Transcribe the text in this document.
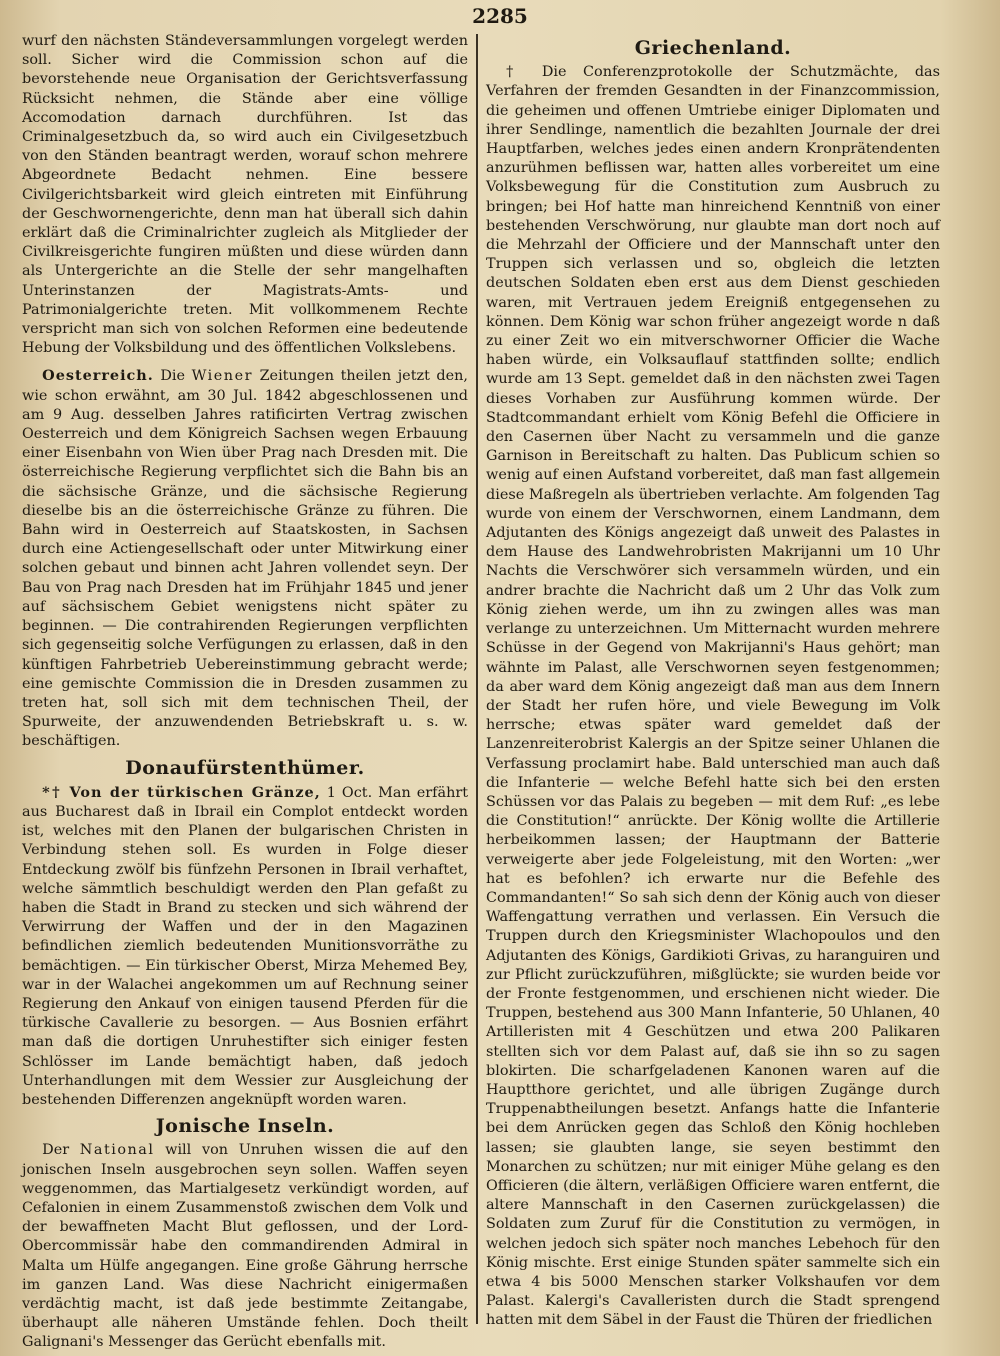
2285

wurf den nächsten Ständeversammlungen vorgelegt werden soll. Sicher wird die Commission schon auf die bevorstehende neue Organisation der Gerichtsverfassung Rücksicht nehmen, die Stände aber eine völlige Accomodation darnach durchführen. Ist das Criminalgesetzbuch da, so wird auch ein Civilgesetzbuch von den Ständen beantragt werden, worauf schon mehrere Abgeordnete Bedacht nehmen. Eine bessere Civilgerichtsbarkeit wird gleich eintreten mit Einführung der Geschwornengerichte, denn man hat überall sich dahin erklärt daß die Criminalrichter zugleich als Mitglieder der Civilkreisgerichte fungiren müßten und diese würden dann als Untergerichte an die Stelle der sehr mangelhaften Unterinstanzen der Magistrats-Amts- und Patrimonialgerichte treten. Mit vollkommenem Rechte verspricht man sich von solchen Reformen eine bedeutende Hebung der Volksbildung und des öffentlichen Volkslebens.

Oesterreich. Die Wiener Zeitungen theilen jetzt den, wie schon erwähnt, am 30 Jul. 1842 abgeschlossenen und am 9 Aug. desselben Jahres ratificirten Vertrag zwischen Oesterreich und dem Königreich Sachsen wegen Erbauung einer Eisenbahn von Wien über Prag nach Dresden mit. Die österreichische Regierung verpflichtet sich die Bahn bis an die sächsische Gränze, und die sächsische Regierung dieselbe bis an die österreichische Gränze zu führen. Die Bahn wird in Oesterreich auf Staatskosten, in Sachsen durch eine Actiengesellschaft oder unter Mitwirkung einer solchen gebaut und binnen acht Jahren vollendet seyn. Der Bau von Prag nach Dresden hat im Frühjahr 1845 und jener auf sächsischem Gebiet wenigstens nicht später zu beginnen. — Die contrahirenden Regierungen verpflichten sich gegenseitig solche Verfügungen zu erlassen, daß in den künftigen Fahrbetrieb Uebereinstimmung gebracht werde; eine gemischte Commission die in Dresden zusammen zu treten hat, soll sich mit dem technischen Theil, der Spurweite, der anzuwendenden Betriebskraft u. s. w. beschäftigen.

Donaufürstenthümer.

*† Von der türkischen Gränze, 1 Oct. Man erfährt aus Bucharest daß in Ibrail ein Complot entdeckt worden ist, welches mit den Planen der bulgarischen Christen in Verbindung stehen soll. Es wurden in Folge dieser Entdeckung zwölf bis fünfzehn Personen in Ibrail verhaftet, welche sämmtlich beschuldigt werden den Plan gefaßt zu haben die Stadt in Brand zu stecken und sich während der Verwirrung der Waffen und der in den Magazinen befindlichen ziemlich bedeutenden Munitionsvorräthe zu bemächtigen. — Ein türkischer Oberst, Mirza Mehemed Bey, war in der Walachei angekommen um auf Rechnung seiner Regierung den Ankauf von einigen tausend Pferden für die türkische Cavallerie zu besorgen. — Aus Bosnien erfährt man daß die dortigen Unruhestifter sich einiger festen Schlösser im Lande bemächtigt haben, daß jedoch Unterhandlungen mit dem Wessier zur Ausgleichung der bestehenden Differenzen angeknüpft worden waren.

Jonische Inseln.

Der National will von Unruhen wissen die auf den jonischen Inseln ausgebrochen seyn sollen. Waffen seyen weggenommen, das Martialgesetz verkündigt worden, auf Cefalonien in einem Zusammenstoß zwischen dem Volk und der bewaffneten Macht Blut geflossen, und der Lord-Obercommissär habe den commandirenden Admiral in Malta um Hülfe angegangen. Eine große Gährung herrsche im ganzen Land. Was diese Nachricht einigermaßen verdächtig macht, ist daß jede bestimmte Zeitangabe, überhaupt alle näheren Umstände fehlen. Doch theilt Galignani's Messenger das Gerücht ebenfalls mit.

Griechenland.

† Die Conferenzprotokolle der Schutzmächte, das Verfahren der fremden Gesandten in der Finanzcommission, die geheimen und offenen Umtriebe einiger Diplomaten und ihrer Sendlinge, namentlich die bezahlten Journale der drei Hauptfarben, welches jedes einen andern Kronprätendenten anzurühmen beflissen war, hatten alles vorbereitet um eine Volksbewegung für die Constitution zum Ausbruch zu bringen; bei Hof hatte man hinreichend Kenntniß von einer bestehenden Verschwörung, nur glaubte man dort noch auf die Mehrzahl der Officiere und der Mannschaft unter den Truppen sich verlassen und so, obgleich die letzten deutschen Soldaten eben erst aus dem Dienst geschieden waren, mit Vertrauen jedem Ereigniß entgegensehen zu können. Dem König war schon früher angezeigt worde n daß zu einer Zeit wo ein mitverschworner Officier die Wache haben würde, ein Volksauflauf stattfinden sollte; endlich wurde am 13 Sept. gemeldet daß in den nächsten zwei Tagen dieses Vorhaben zur Ausführung kommen würde. Der Stadtcommandant erhielt vom König Befehl die Officiere in den Casernen über Nacht zu versammeln und die ganze Garnison in Bereitschaft zu halten. Das Publicum schien so wenig auf einen Aufstand vorbereitet, daß man fast allgemein diese Maßregeln als übertrieben verlachte. Am folgenden Tag wurde von einem der Verschwornen, einem Landmann, dem Adjutanten des Königs angezeigt daß unweit des Palastes in dem Hause des Landwehrobristen Makrijanni um 10 Uhr Nachts die Verschwörer sich versammeln würden, und ein andrer brachte die Nachricht daß um 2 Uhr das Volk zum König ziehen werde, um ihn zu zwingen alles was man verlange zu unterzeichnen. Um Mitternacht wurden mehrere Schüsse in der Gegend von Makrijanni's Haus gehört; man wähnte im Palast, alle Verschwornen seyen festgenommen; da aber ward dem König angezeigt daß man aus dem Innern der Stadt her rufen höre, und viele Bewegung im Volk herrsche; etwas später ward gemeldet daß der Lanzenreiterobrist Kalergis an der Spitze seiner Uhlanen die Verfassung proclamirt habe. Bald unterschied man auch daß die Infanterie — welche Befehl hatte sich bei den ersten Schüssen vor das Palais zu begeben — mit dem Ruf: „es lebe die Constitution!“ anrückte. Der König wollte die Artillerie herbeikommen lassen; der Hauptmann der Batterie verweigerte aber jede Folgeleistung, mit den Worten: „wer hat es befohlen? ich erwarte nur die Befehle des Commandanten!“ So sah sich denn der König auch von dieser Waffengattung verrathen und verlassen. Ein Versuch die Truppen durch den Kriegsminister Wlachopoulos und den Adjutanten des Königs, Gardikioti Grivas, zu haranguiren und zur Pflicht zurückzuführen, mißglückte; sie wurden beide vor der Fronte festgenommen, und erschienen nicht wieder. Die Truppen, bestehend aus 300 Mann Infanterie, 50 Uhlanen, 40 Artilleristen mit 4 Geschützen und etwa 200 Palikaren stellten sich vor dem Palast auf, daß sie ihn so zu sagen blokirten. Die scharfgeladenen Kanonen waren auf die Hauptthore gerichtet, und alle übrigen Zugänge durch Truppenabtheilungen besetzt. Anfangs hatte die Infanterie bei dem Anrücken gegen das Schloß den König hochleben lassen; sie glaubten lange, sie seyen bestimmt den Monarchen zu schützen; nur mit einiger Mühe gelang es den Officieren (die ältern, verläßigen Officiere waren entfernt, die altere Mannschaft in den Casernen zurückgelassen) die Soldaten zum Zuruf für die Constitution zu vermögen, in welchen jedoch sich später noch manches Lebehoch für den König mischte. Erst einige Stunden später sammelte sich ein etwa 4 bis 5000 Menschen starker Volkshaufen vor dem Palast. Kalergi's Cavalleristen durch die Stadt sprengend hatten mit dem Säbel in der Faust die Thüren der friedlichen
